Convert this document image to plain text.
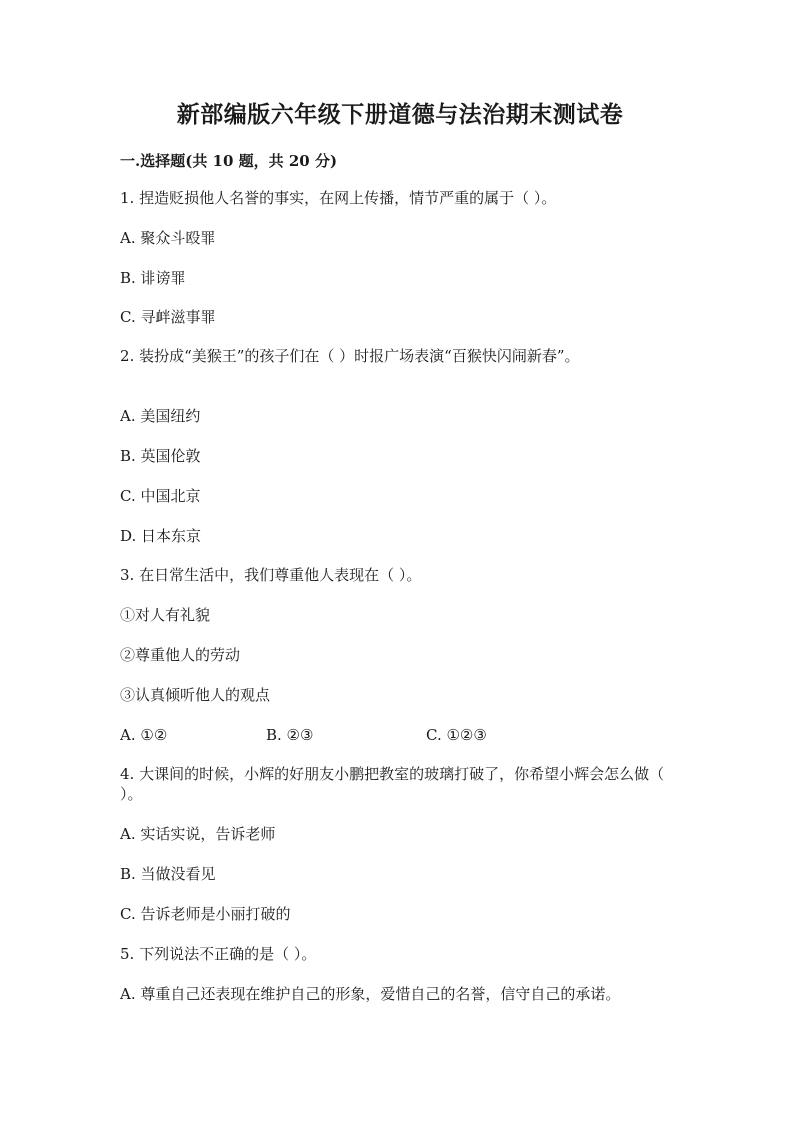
新部编版六年级下册道德与法治期末测试卷
一.选择题(共 10 题，共 20 分)
1. 捏造贬损他人名誉的事实，在网上传播，情节严重的属于（ ）。
A. 聚众斗殴罪
B. 诽谤罪
C. 寻衅滋事罪
2. 装扮成“美猴王”的孩子们在（ ）时报广场表演“百猴快闪闹新春”。
A. 美国纽约
B. 英国伦敦
C. 中国北京
D. 日本东京
3. 在日常生活中，我们尊重他人表现在（ ）。
①对人有礼貌
②尊重他人的劳动
③认真倾听他人的观点
A. ①②	B. ②③	C. ①②③
4. 大课间的时候，小辉的好朋友小鹏把教室的玻璃打破了，你希望小辉会怎么做（ ）。
A. 实话实说，告诉老师
B. 当做没看见
C. 告诉老师是小丽打破的
5. 下列说法不正确的是（ ）。
A. 尊重自己还表现在维护自己的形象，爱惜自己的名誉，信守自己的承诺。
